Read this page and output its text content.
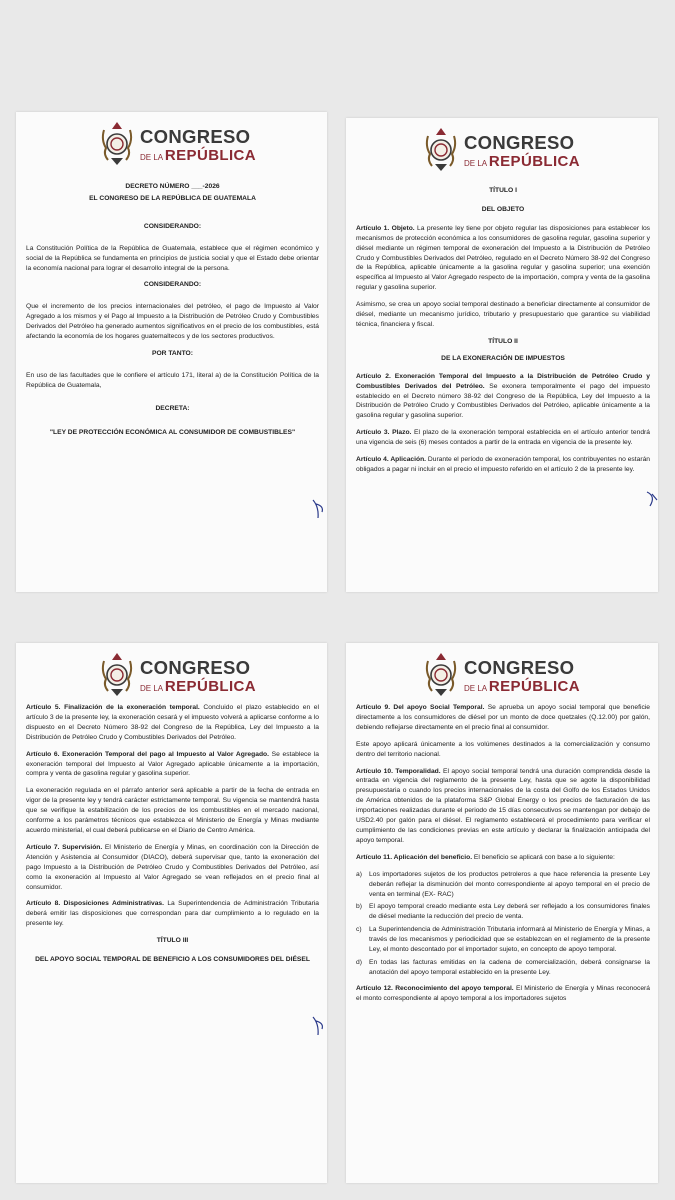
CONGRESO
DE LA REPÚBLICA

DECRETO NÚMERO ___-2026

EL CONGRESO DE LA REPÚBLICA DE GUATEMALA

CONSIDERANDO:

La Constitución Política de la República de Guatemala, establece que el régimen económico y social de la República se fundamenta en principios de justicia social y que el Estado debe orientar la economía nacional para lograr el desarrollo integral de la persona.

CONSIDERANDO:

Que el incremento de los precios internacionales del petróleo, el pago de Impuesto al Valor Agregado a los mismos y el Pago al Impuesto a la Distribución de Petróleo Crudo y Combustibles Derivados del Petróleo ha generado aumentos significativos en el precio de los combustibles, está afectando la economía de los hogares guatemaltecos y de los sectores productivos.

POR TANTO:

En uso de las facultades que le confiere el artículo 171, literal a) de la Constitución Política de la República de Guatemala,

DECRETA:

"LEY DE PROTECCIÓN ECONÓMICA AL CONSUMIDOR DE COMBUSTIBLES"

CONGRESO
DE LA REPÚBLICA

TÍTULO I

DEL OBJETO

Artículo 1. Objeto. La presente ley tiene por objeto regular las disposiciones para establecer los mecanismos de protección económica a los consumidores de gasolina regular, gasolina superior y diésel mediante un régimen temporal de exoneración del Impuesto a la Distribución de Petróleo Crudo y Combustibles Derivados del Petróleo, regulado en el Decreto Número 38-92 del Congreso de la República, aplicable únicamente a la gasolina regular y gasolina superior; una exención específica al Impuesto al Valor Agregado respecto de la importación, compra y venta de la gasolina regular y gasolina superior.

Asimismo, se crea un apoyo social temporal destinado a beneficiar directamente al consumidor de diésel, mediante un mecanismo jurídico, tributario y presupuestario que garantice su viabilidad técnica, financiera y fiscal.

TÍTULO II

DE LA EXONERACIÓN DE IMPUESTOS

Artículo 2. Exoneración Temporal del Impuesto a la Distribución de Petróleo Crudo y Combustibles Derivados del Petróleo. Se exonera temporalmente el pago del impuesto establecido en el Decreto número 38-92 del Congreso de la República, Ley del Impuesto a la Distribución de Petróleo Crudo y Combustibles Derivados del Petróleo, aplicable únicamente a la gasolina regular y gasolina superior.

Artículo 3. Plazo. El plazo de la exoneración temporal establecida en el artículo anterior tendrá una vigencia de seis (6) meses contados a partir de la entrada en vigencia de la presente ley.

Artículo 4. Aplicación. Durante el período de exoneración temporal, los contribuyentes no estarán obligados a pagar ni incluir en el precio el impuesto referido en el artículo 2 de la presente ley.

CONGRESO
DE LA REPÚBLICA

Artículo 5. Finalización de la exoneración temporal. Concluido el plazo establecido en el artículo 3 de la presente ley, la exoneración cesará y el impuesto volverá a aplicarse conforme a lo dispuesto en el Decreto Número 38-92 del Congreso de la República, Ley del Impuesto a la Distribución de Petróleo Crudo y Combustibles Derivados del Petróleo.

Artículo 6. Exoneración Temporal del pago al Impuesto al Valor Agregado. Se establece la exoneración temporal del Impuesto al Valor Agregado aplicable únicamente a la importación, compra y venta de gasolina regular y gasolina superior.

La exoneración regulada en el párrafo anterior será aplicable a partir de la fecha de entrada en vigor de la presente ley y tendrá carácter estrictamente temporal. Su vigencia se mantendrá hasta que se verifique la estabilización de los precios de los combustibles en el mercado nacional, conforme a los parámetros técnicos que establezca el Ministerio de Energía y Minas mediante acuerdo ministerial, el cual deberá publicarse en el Diario de Centro América.

Artículo 7. Supervisión. El Ministerio de Energía y Minas, en coordinación con la Dirección de Atención y Asistencia al Consumidor (DIACO), deberá supervisar que, tanto la exoneración del pago Impuesto a la Distribución de Petróleo Crudo y Combustibles Derivados del Petróleo, así como la exoneración al Impuesto al Valor Agregado se vean reflejados en el precio final al consumidor.

Artículo 8. Disposiciones Administrativas. La Superintendencia de Administración Tributaria deberá emitir las disposiciones que correspondan para dar cumplimiento a lo regulado en la presente ley.

TÍTULO III

DEL APOYO SOCIAL TEMPORAL DE BENEFICIO A LOS CONSUMIDORES DEL DIÉSEL

CONGRESO
DE LA REPÚBLICA

Artículo 9. Del apoyo Social Temporal. Se aprueba un apoyo social temporal que beneficie directamente a los consumidores de diésel por un monto de doce quetzales (Q.12.00) por galón, debiendo reflejarse directamente en el precio final al consumidor.

Este apoyo aplicará únicamente a los volúmenes destinados a la comercialización y consumo dentro del territorio nacional.

Artículo 10. Temporalidad. El apoyo social temporal tendrá una duración comprendida desde la entrada en vigencia del reglamento de la presente Ley, hasta que se agote la disponibilidad presupuestaria o cuando los precios internacionales de la costa del Golfo de los Estados Unidos de América obtenidos de la plataforma S&P Global Energy o los precios de facturación de las importaciones realizadas durante el periodo de 15 días consecutivos se mantengan por debajo de USD2.40 por galón para el diésel. El reglamento establecerá el procedimiento para verificar el cumplimiento de las condiciones previas en este artículo y declarar la finalización anticipada del apoyo temporal.

Artículo 11. Aplicación del beneficio. El beneficio se aplicará con base a lo siguiente:

a) Los importadores sujetos de los productos petroleros a que hace referencia la presente Ley deberán reflejar la disminución del monto correspondiente al apoyo temporal en el precio de venta en terminal (EX- RAC)
b) El apoyo temporal creado mediante esta Ley deberá ser reflejado a los consumidores finales de diésel mediante la reducción del precio de venta.
c) La Superintendencia de Administración Tributaria informará al Ministerio de Energía y Minas, a través de los mecanismos y periodicidad que se establezcan en el reglamento de la presente Ley, el monto descontado por el importador sujeto, en concepto de apoyo temporal.
d) En todas las facturas emitidas en la cadena de comercialización, deberá consignarse la anotación del apoyo temporal establecido en la presente Ley.

Artículo 12. Reconocimiento del apoyo temporal. El Ministerio de Energía y Minas reconocerá el monto correspondiente al apoyo temporal a los importadores sujetos
